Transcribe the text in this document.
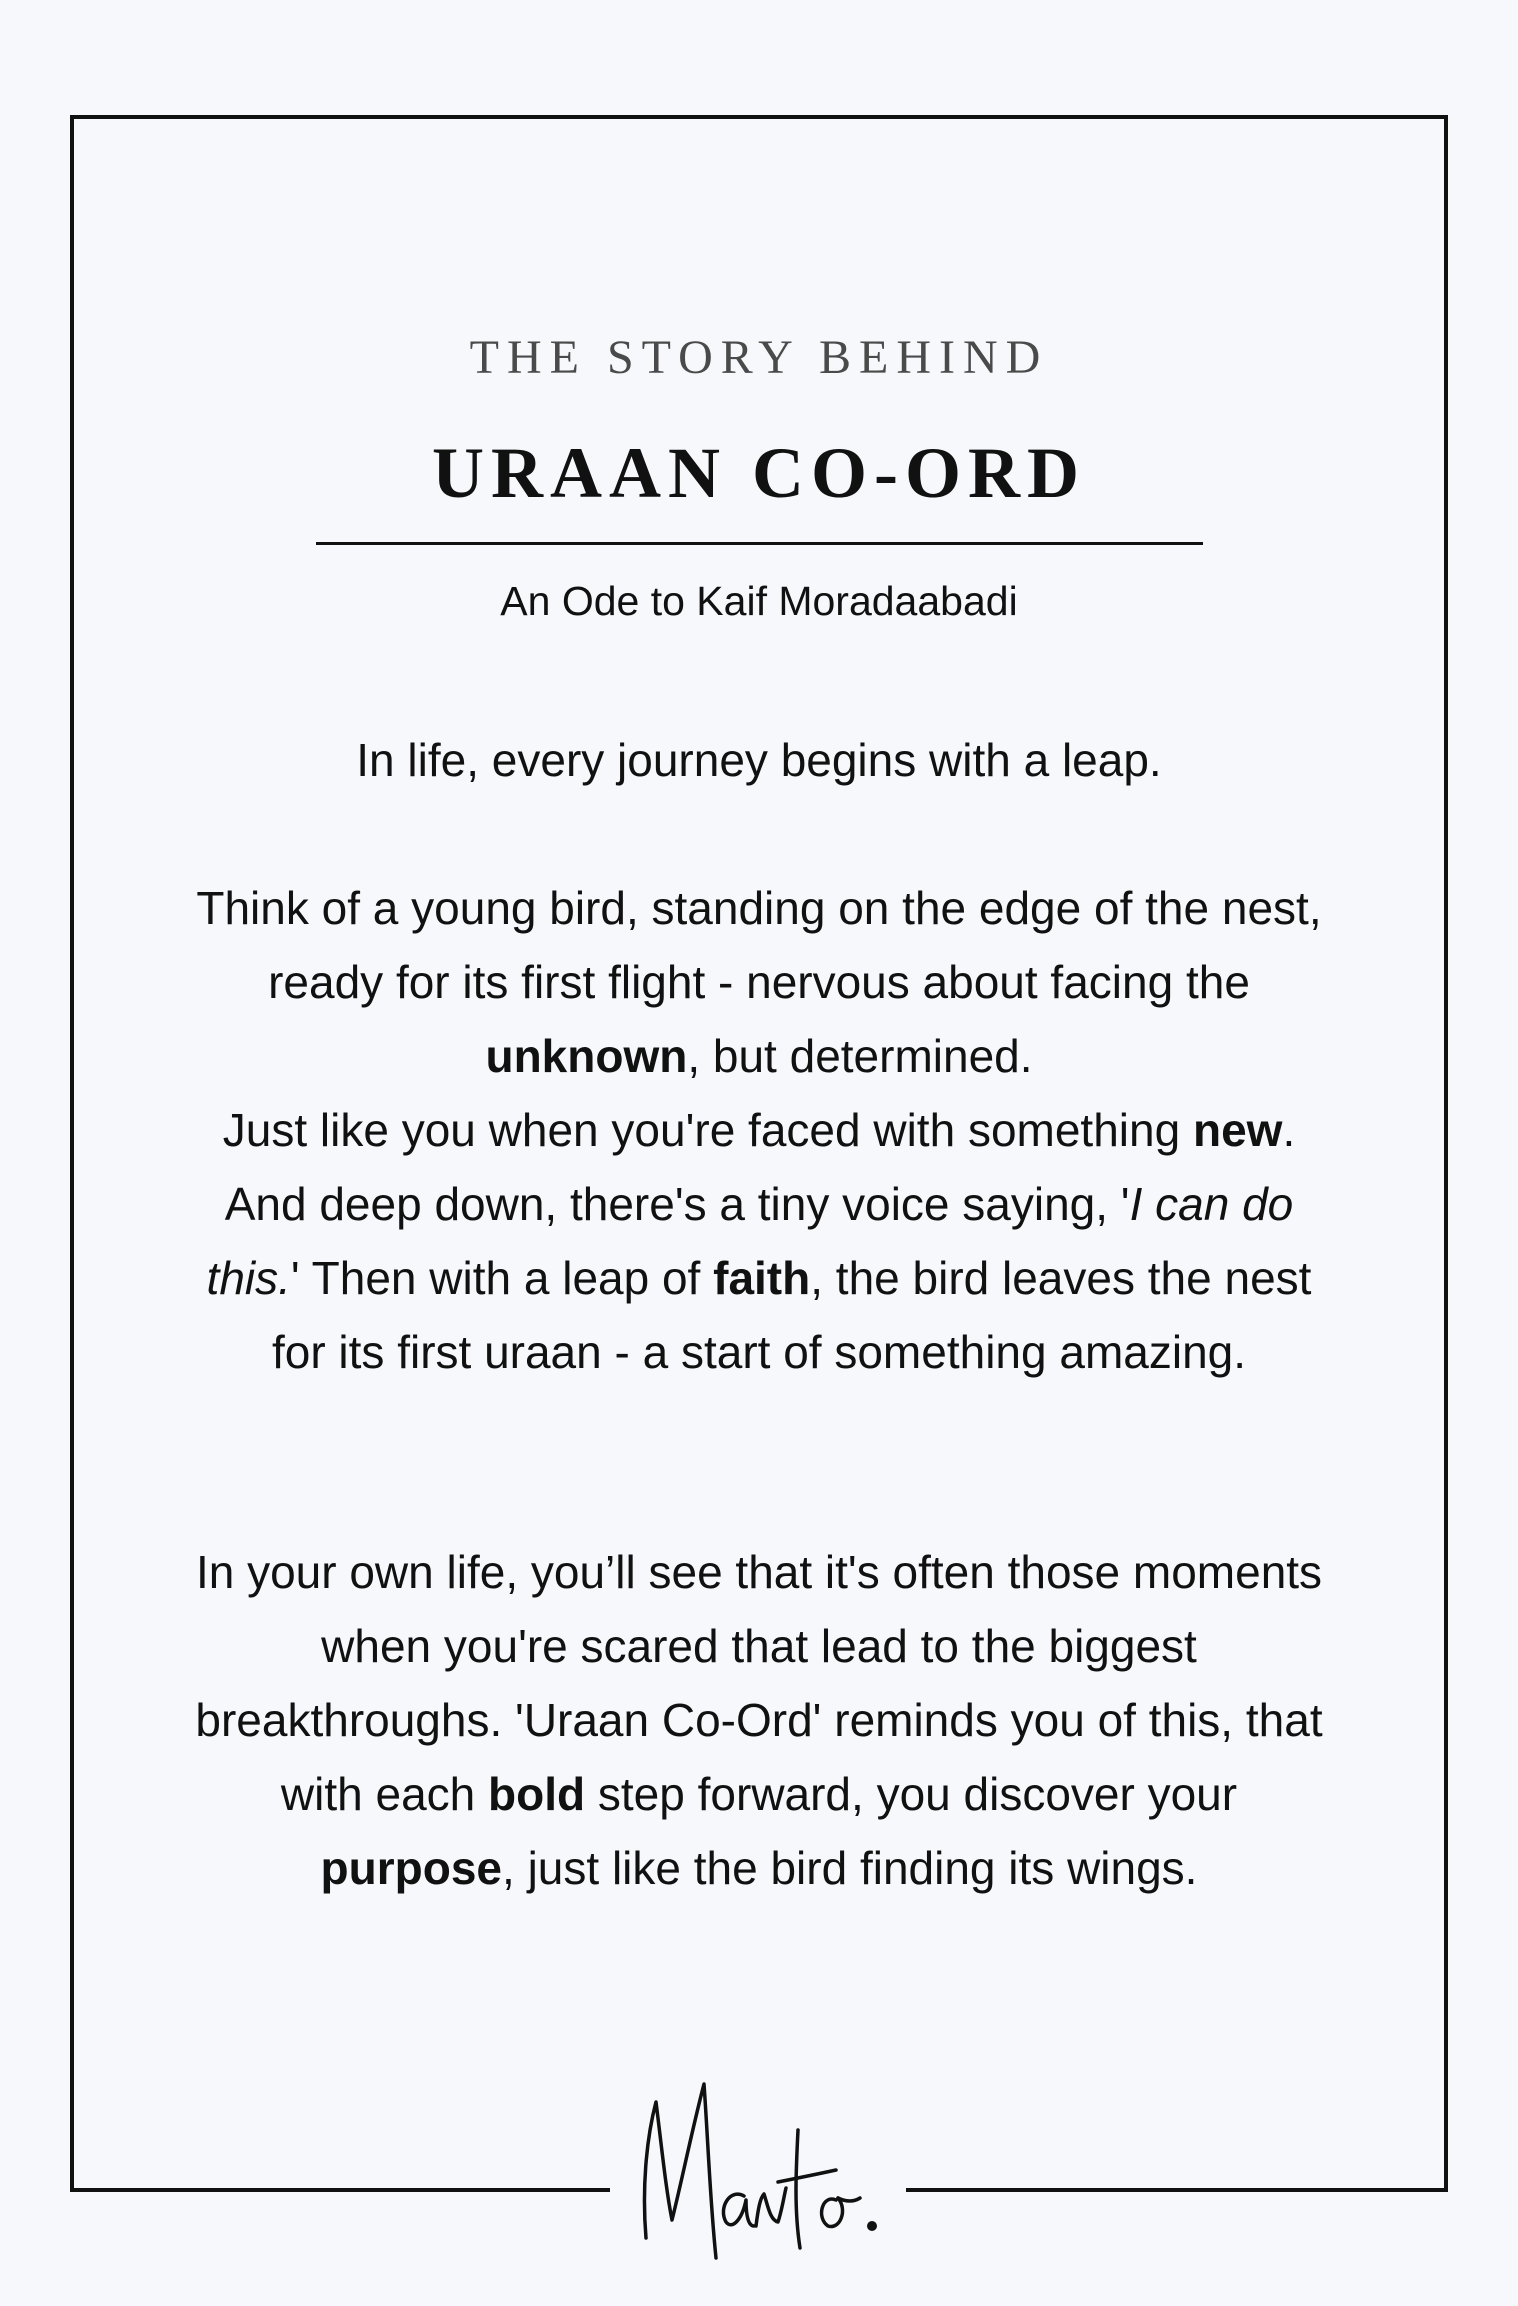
THE STORY BEHIND
URAAN CO-ORD
An Ode to Kaif Moradaabadi

In life, every journey begins with a leap.

Think of a young bird, standing on the edge of the nest, ready for its first flight - nervous about facing the unknown, but determined.
Just like you when you're faced with something new. And deep down, there's a tiny voice saying, 'I can do this.' Then with a leap of faith, the bird leaves the nest for its first uraan - a start of something amazing.

In your own life, you’ll see that it's often those moments when you're scared that lead to the biggest breakthroughs. 'Uraan Co-Ord' reminds you of this, that with each bold step forward, you discover your purpose, just like the bird finding its wings.
